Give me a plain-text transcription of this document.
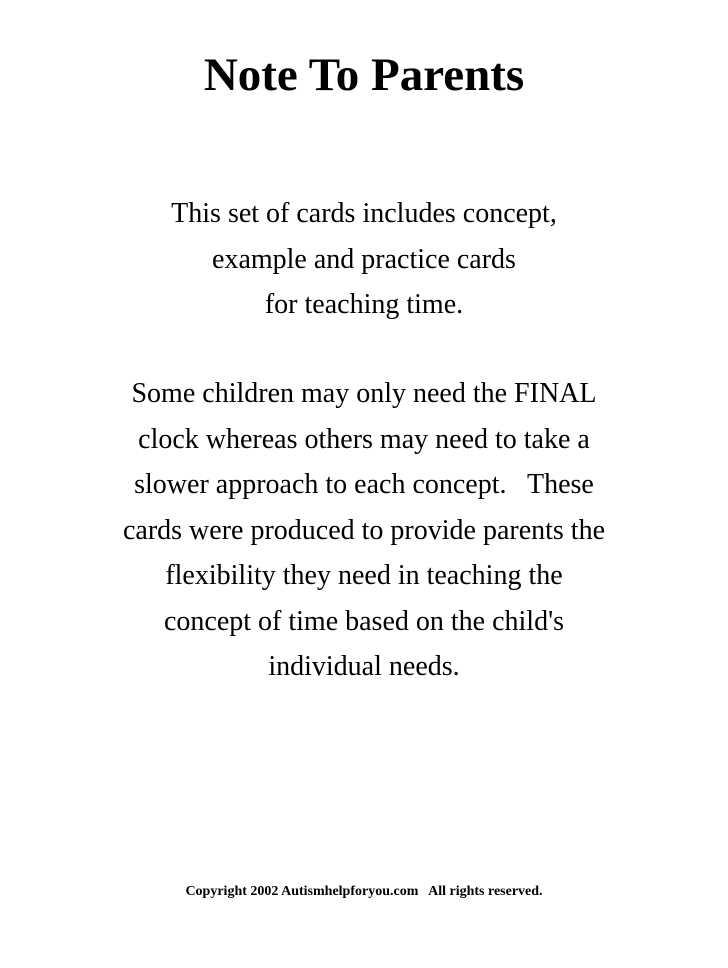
Note To Parents

This set of cards includes concept,
example and practice cards
for teaching time.

Some children may only need the FINAL
clock whereas others may need to take a
slower approach to each concept.   These
cards were produced to provide parents the
flexibility they need in teaching the
concept of time based on the child's
individual needs.

Copyright 2002 Autismhelpforyou.com   All rights reserved.
